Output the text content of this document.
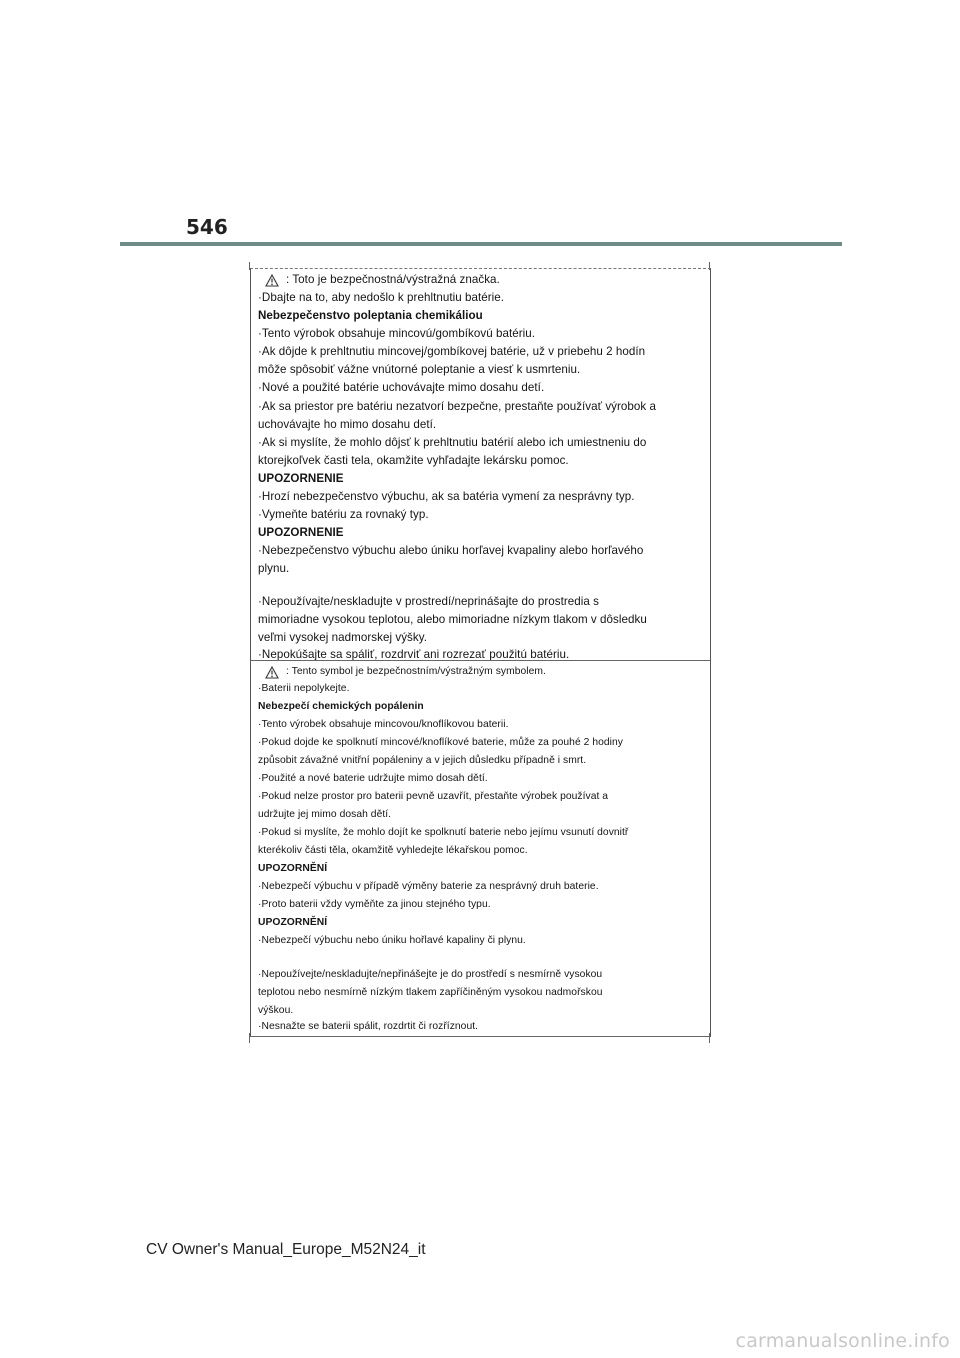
546
: Toto je bezpečnostná/výstražná značka.
·Dbajte na to, aby nedošlo k prehltnutiu batérie.
Nebezpečenstvo poleptania chemikáliou
·Tento výrobok obsahuje mincovú/gombíkovú batériu.
·Ak dôjde k prehltnutiu mincovej/gombíkovej batérie, už v priebehu 2 hodín
môže spôsobiť vážne vnútorné poleptanie a viesť k usmrteniu.
·Nové a použité batérie uchovávajte mimo dosahu detí.
·Ak sa priestor pre batériu nezatvorí bezpečne, prestaňte používať výrobok a
uchovávajte ho mimo dosahu detí.
·Ak si myslíte, že mohlo dôjsť k prehltnutiu batérií alebo ich umiestneniu do
ktorejkoľvek časti tela, okamžite vyhľadajte lekársku pomoc.
UPOZORNENIE
·Hrozí nebezpečenstvo výbuchu, ak sa batéria vymení za nesprávny typ.
·Vymeňte batériu za rovnaký typ.
UPOZORNENIE
·Nebezpečenstvo výbuchu alebo úniku horľavej kvapaliny alebo horľavého
plynu.
·Nepoužívajte/neskladujte v prostredí/neprinášajte do prostredia s
mimoriadne vysokou teplotou, alebo mimoriadne nízkym tlakom v dôsledku
veľmi vysokej nadmorskej výšky.
·Nepokúšajte sa spáliť, rozdrviť ani rozrezať použitú batériu.
: Tento symbol je bezpečnostním/výstražným symbolem.
·Baterii nepolykejte.
Nebezpečí chemických popálenin
·Tento výrobek obsahuje mincovou/knoflíkovou baterii.
·Pokud dojde ke spolknutí mincové/knoflíkové baterie, může za pouhé 2 hodiny
způsobit závažné vnitřní popáleniny a v jejich důsledku případně i smrt.
·Použité a nové baterie udržujte mimo dosah dětí.
·Pokud nelze prostor pro baterii pevně uzavřít, přestaňte výrobek používat a
udržujte jej mimo dosah dětí.
·Pokud si myslíte, že mohlo dojít ke spolknutí baterie nebo jejímu vsunutí dovnitř
kterékoliv části těla, okamžitě vyhledejte lékařskou pomoc.
UPOZORNĚNÍ
·Nebezpečí výbuchu v případě výměny baterie za nesprávný druh baterie.
·Proto baterii vždy vyměňte za jinou stejného typu.
UPOZORNĚNÍ
·Nebezpečí výbuchu nebo úniku hořlavé kapaliny či plynu.
·Nepoužívejte/neskladujte/nepřinášejte je do prostředí s nesmírně vysokou
teplotou nebo nesmírně nízkým tlakem zapříčiněným vysokou nadmořskou
výškou.
·Nesnažte se baterii spálit, rozdrtit či rozříznout.
CV Owner's Manual_Europe_M52N24_it
carmanualsonline.info
